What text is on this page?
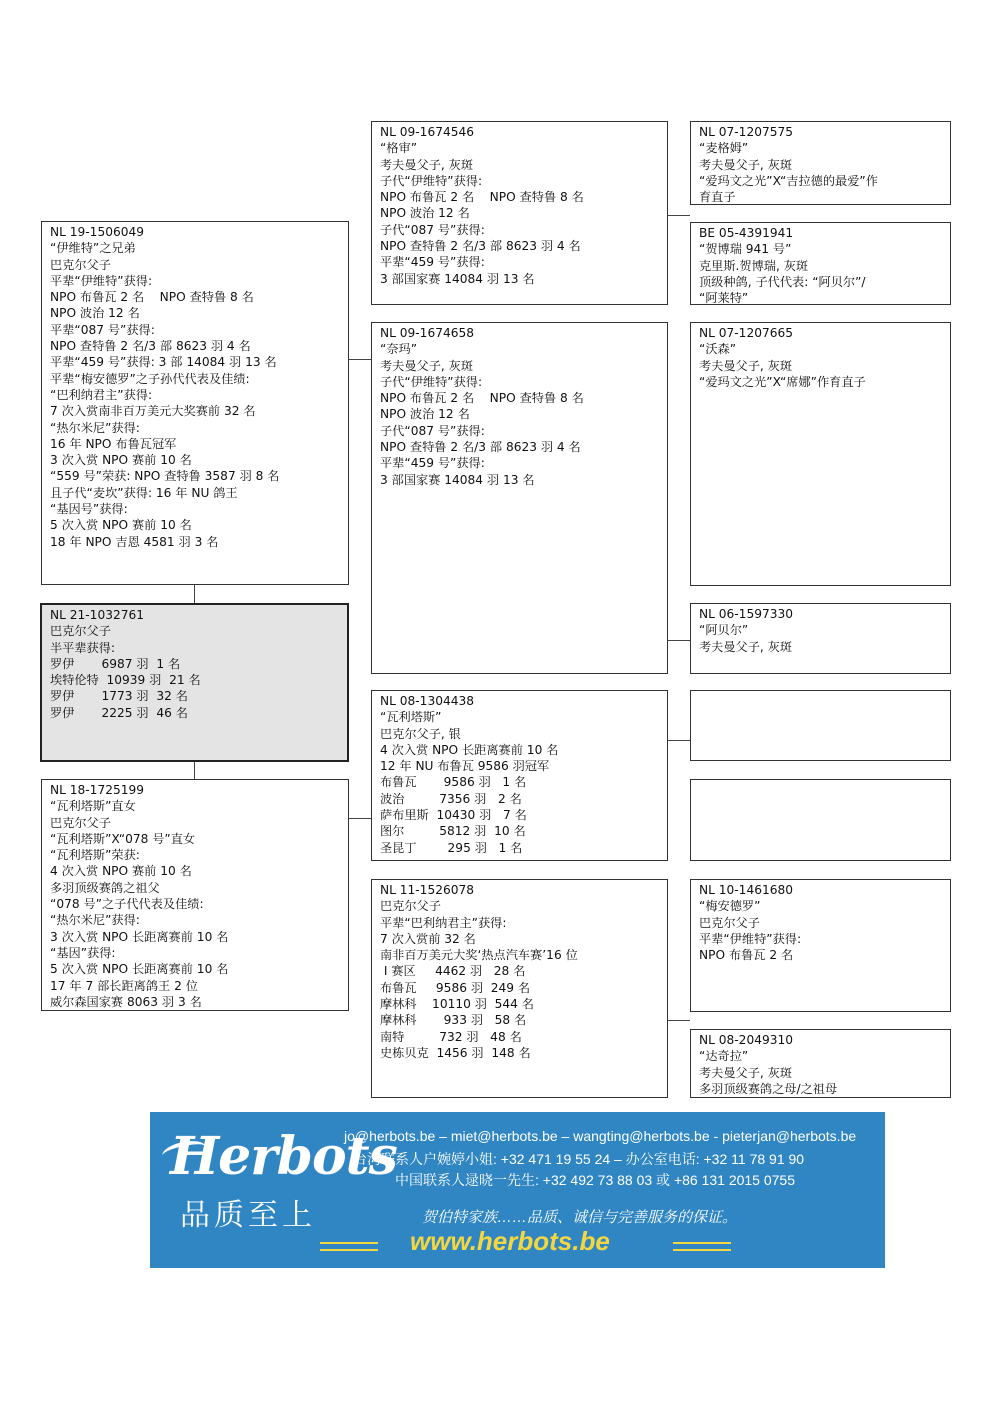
NL 19-1506049
“伊维特”之兄弟
巴克尔父子
平辈“伊维特”获得:
NPO 布鲁瓦 2 名    NPO 查特鲁 8 名
NPO 波治 12 名
平辈“087 号”获得:
NPO 查特鲁 2 名/3 部 8623 羽 4 名
平辈“459 号”获得: 3 部 14084 羽 13 名
平辈“梅安德罗”之子孙代代表及佳绩:
“巴利纳君主”获得:
7 次入赏南非百万美元大奖赛前 32 名
“热尔米尼”获得:
16 年 NPO 布鲁瓦冠军
3 次入赏 NPO 赛前 10 名
“559 号”荣获: NPO 查特鲁 3587 羽 8 名
且子代“麦坎”获得: 16 年 NU 鸽王
“基因号”获得:
5 次入赏 NPO 赛前 10 名
18 年 NPO 吉恩 4581 羽 3 名
NL 21-1032761
巴克尔父子
半平辈获得:
罗伊       6987 羽  1 名
埃特伦特  10939 羽  21 名
罗伊       1773 羽  32 名
罗伊       2225 羽  46 名
NL 18-1725199
“瓦利塔斯”直女
巴克尔父子
“瓦利塔斯”X“078 号”直女
“瓦利塔斯”荣获:
4 次入赏 NPO 赛前 10 名
多羽顶级赛鸽之祖父
“078 号”之子代代表及佳绩:
“热尔米尼”获得:
3 次入赏 NPO 长距离赛前 10 名
“基因”获得:
5 次入赏 NPO 长距离赛前 10 名
17 年 7 部长距离鸽王 2 位
威尔森国家赛 8063 羽 3 名
NL 09-1674546
“格审”
考夫曼父子, 灰斑
子代“伊维特”获得:
NPO 布鲁瓦 2 名    NPO 查特鲁 8 名
NPO 波治 12 名
子代“087 号”获得:
NPO 查特鲁 2 名/3 部 8623 羽 4 名
平辈“459 号”获得:
3 部国家赛 14084 羽 13 名
NL 09-1674658
“奈玛”
考夫曼父子, 灰斑
子代“伊维特”获得:
NPO 布鲁瓦 2 名    NPO 查特鲁 8 名
NPO 波治 12 名
子代“087 号”获得:
NPO 查特鲁 2 名/3 部 8623 羽 4 名
平辈“459 号”获得:
3 部国家赛 14084 羽 13 名
NL 08-1304438
“瓦利塔斯”
巴克尔父子, 银
4 次入赏 NPO 长距离赛前 10 名
12 年 NU 布鲁瓦 9586 羽冠军
布鲁瓦       9586 羽   1 名
波治         7356 羽   2 名
萨布里斯  10430 羽   7 名
图尔         5812 羽  10 名
圣昆丁        295 羽   1 名
NL 11-1526078
巴克尔父子
平辈“巴利纳君主”获得:
7 次入赏前 32 名
南非百万美元大奖‘热点汽车赛’16 位
I 赛区     4462 羽   28 名
布鲁瓦     9586 羽  249 名
摩林科    10110 羽  544 名
摩林科       933 羽   58 名
南特         732 羽   48 名
史栋贝克  1456 羽  148 名
NL 07-1207575
“麦格姆”
考夫曼父子, 灰斑
“爱玛文之光”X“吉拉德的最爱”作
育直子
BE 05-4391941
“贺博瑞 941 号”
克里斯.贺博瑞, 灰斑
顶级种鸽, 子代代表: “阿贝尔”/
“阿莱特”
NL 07-1207665
“沃森”
考夫曼父子, 灰斑
“爱玛文之光”X“席娜”作育直子
NL 06-1597330
“阿贝尔”
考夫曼父子, 灰斑
NL 10-1461680
“梅安德罗”
巴克尔父子
平辈“伊维特”获得:
NPO 布鲁瓦 2 名
NL 08-2049310
“达奇拉”
考夫曼父子, 灰斑
多羽顶级赛鸽之母/之祖母
Herbots
品质至上
jo@herbots.be – miet@herbots.be – wangting@herbots.be - pieterjan@herbots.be
台湾联系人户婉婷小姐: +32 471 19 55 24 – 办公室电话: +32 11 78 91 90
中国联系人逯晓一先生: +32 492 73 88 03 或 +86 131 2015 0755
贺伯特家族……品质、诚信与完善服务的保证。
www.herbots.be
